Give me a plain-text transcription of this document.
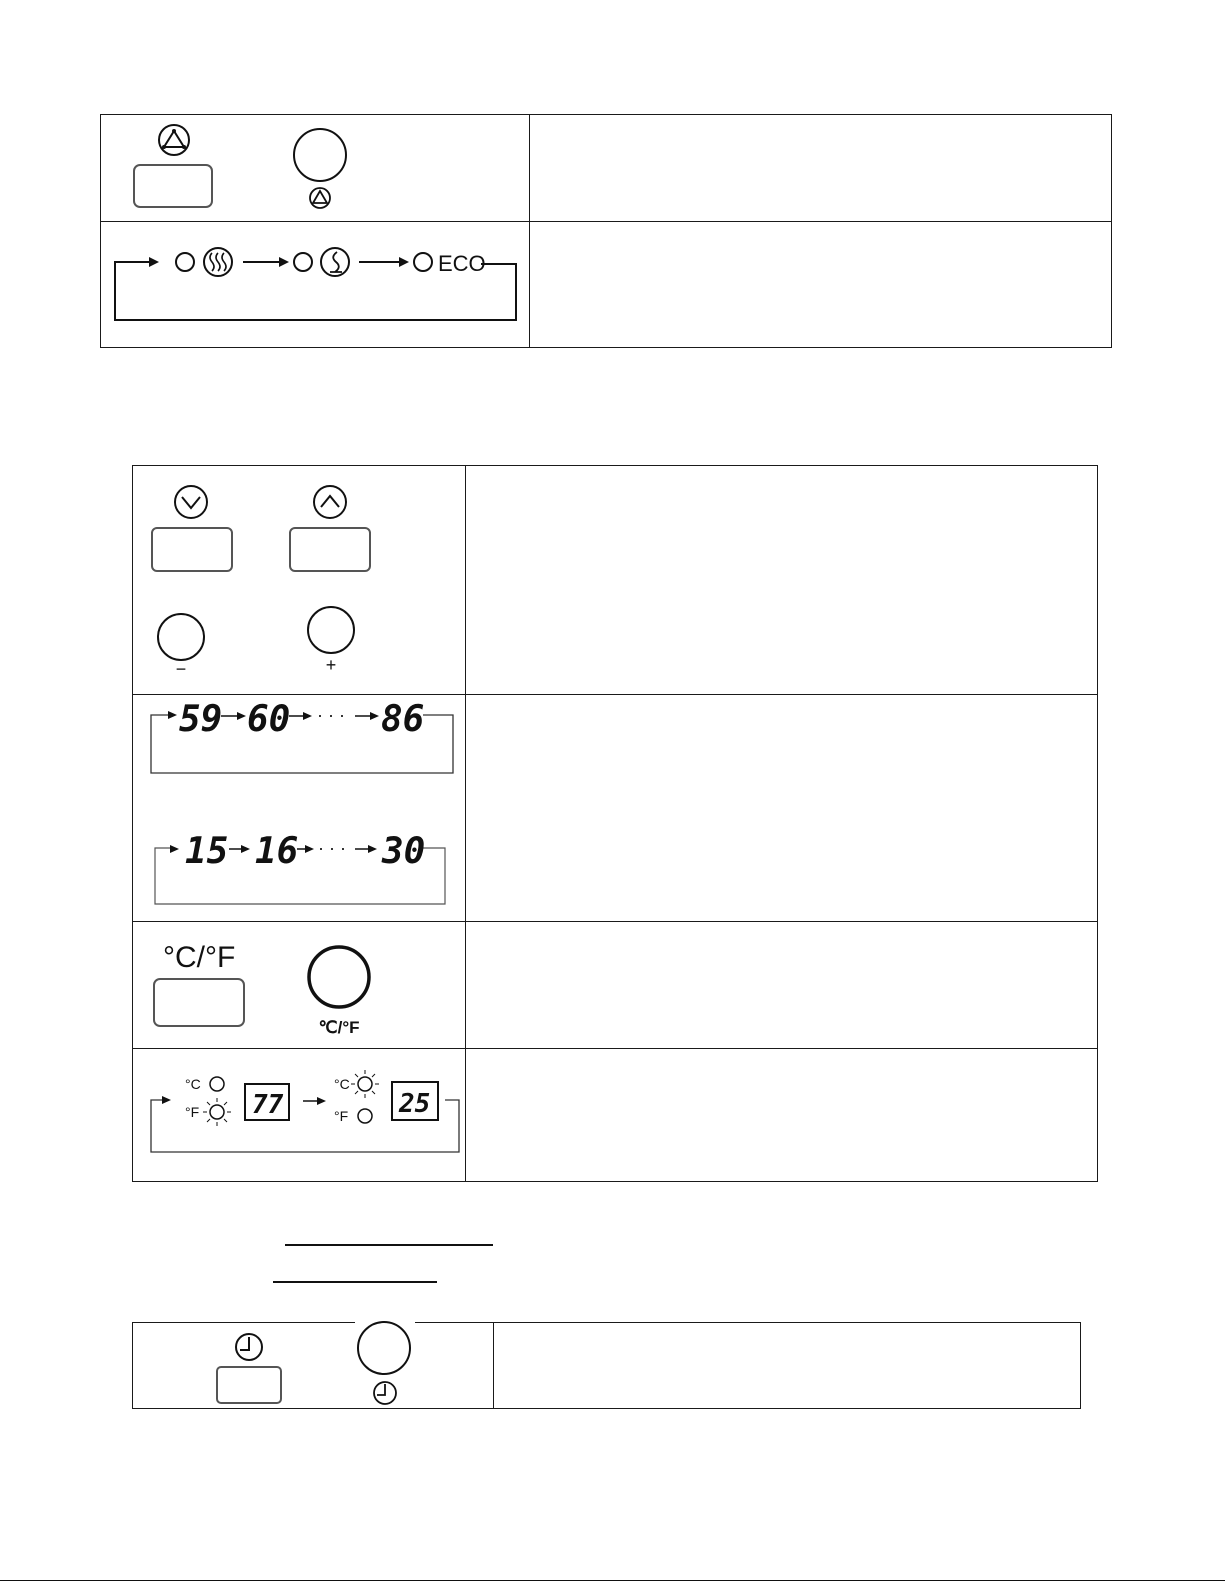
ECO
−	+
59 60 · · · 86
15 16 · · · 30
°C/°F
℃/°F
°C
°F 77
°C
°F 25
